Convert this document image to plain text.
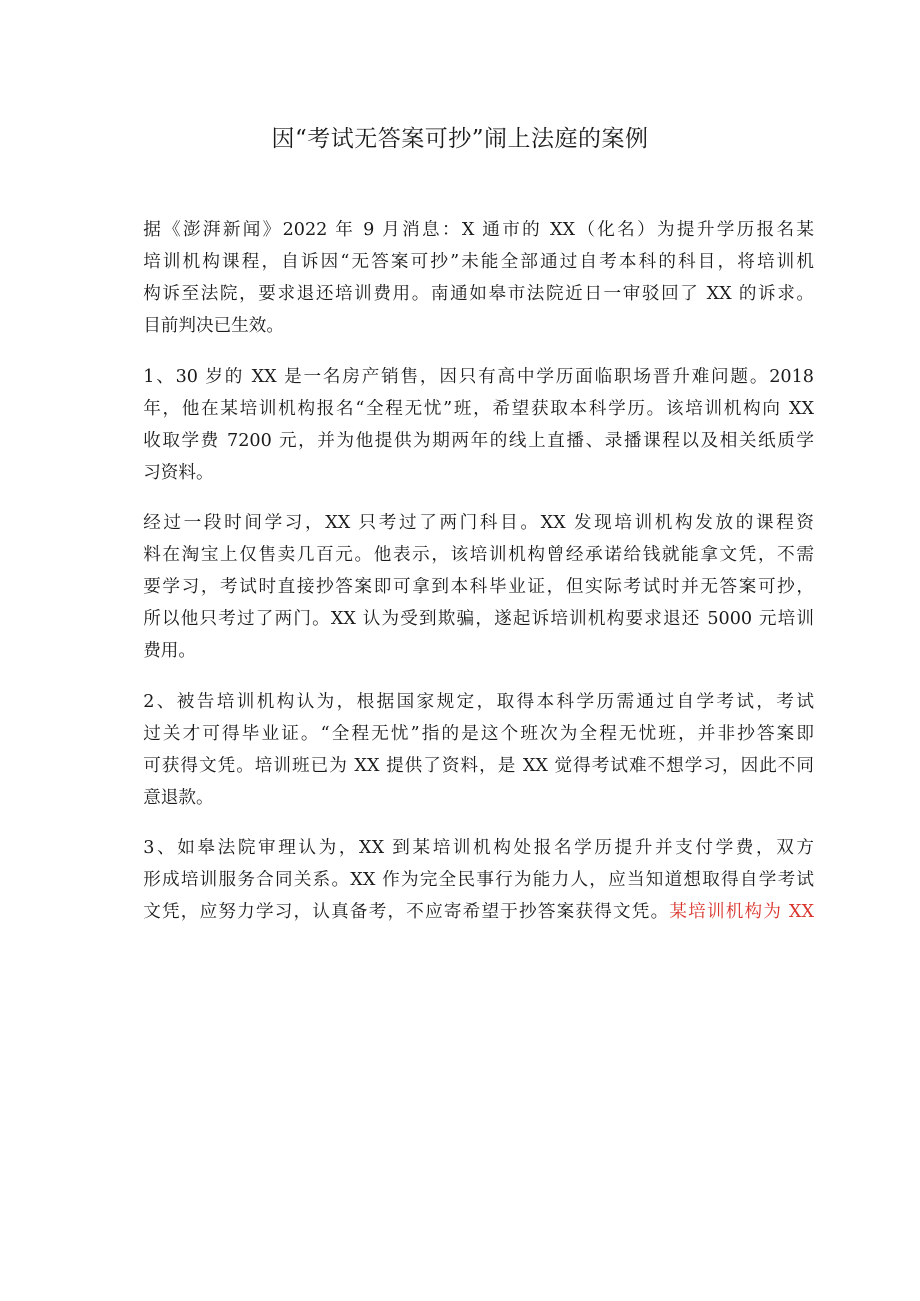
因“考试无答案可抄”闹上法庭的案例

据《澎湃新闻》2022 年 9 月消息：X 通市的 XX（化名）为提升学历报名某
培训机构课程，自诉因“无答案可抄”未能全部通过自考本科的科目，将培训机
构诉至法院，要求退还培训费用。南通如皋市法院近日一审驳回了 XX 的诉求。
目前判决已生效。

1、30 岁的 XX 是一名房产销售，因只有高中学历面临职场晋升难问题。2018
年，他在某培训机构报名“全程无忧”班，希望获取本科学历。该培训机构向 XX
收取学费 7200 元，并为他提供为期两年的线上直播、录播课程以及相关纸质学
习资料。

经过一段时间学习，XX 只考过了两门科目。XX 发现培训机构发放的课程资
料在淘宝上仅售卖几百元。他表示，该培训机构曾经承诺给钱就能拿文凭，不需
要学习，考试时直接抄答案即可拿到本科毕业证，但实际考试时并无答案可抄，
所以他只考过了两门。XX 认为受到欺骗，遂起诉培训机构要求退还 5000 元培训
费用。

2、被告培训机构认为，根据国家规定，取得本科学历需通过自学考试，考试
过关才可得毕业证。“全程无忧”指的是这个班次为全程无忧班，并非抄答案即
可获得文凭。培训班已为 XX 提供了资料，是 XX 觉得考试难不想学习，因此不同
意退款。

3、如皋法院审理认为，XX 到某培训机构处报名学历提升并支付学费，双方
形成培训服务合同关系。XX 作为完全民事行为能力人，应当知道想取得自学考试
文凭，应努力学习，认真备考，不应寄希望于抄答案获得文凭。某培训机构为 XX
